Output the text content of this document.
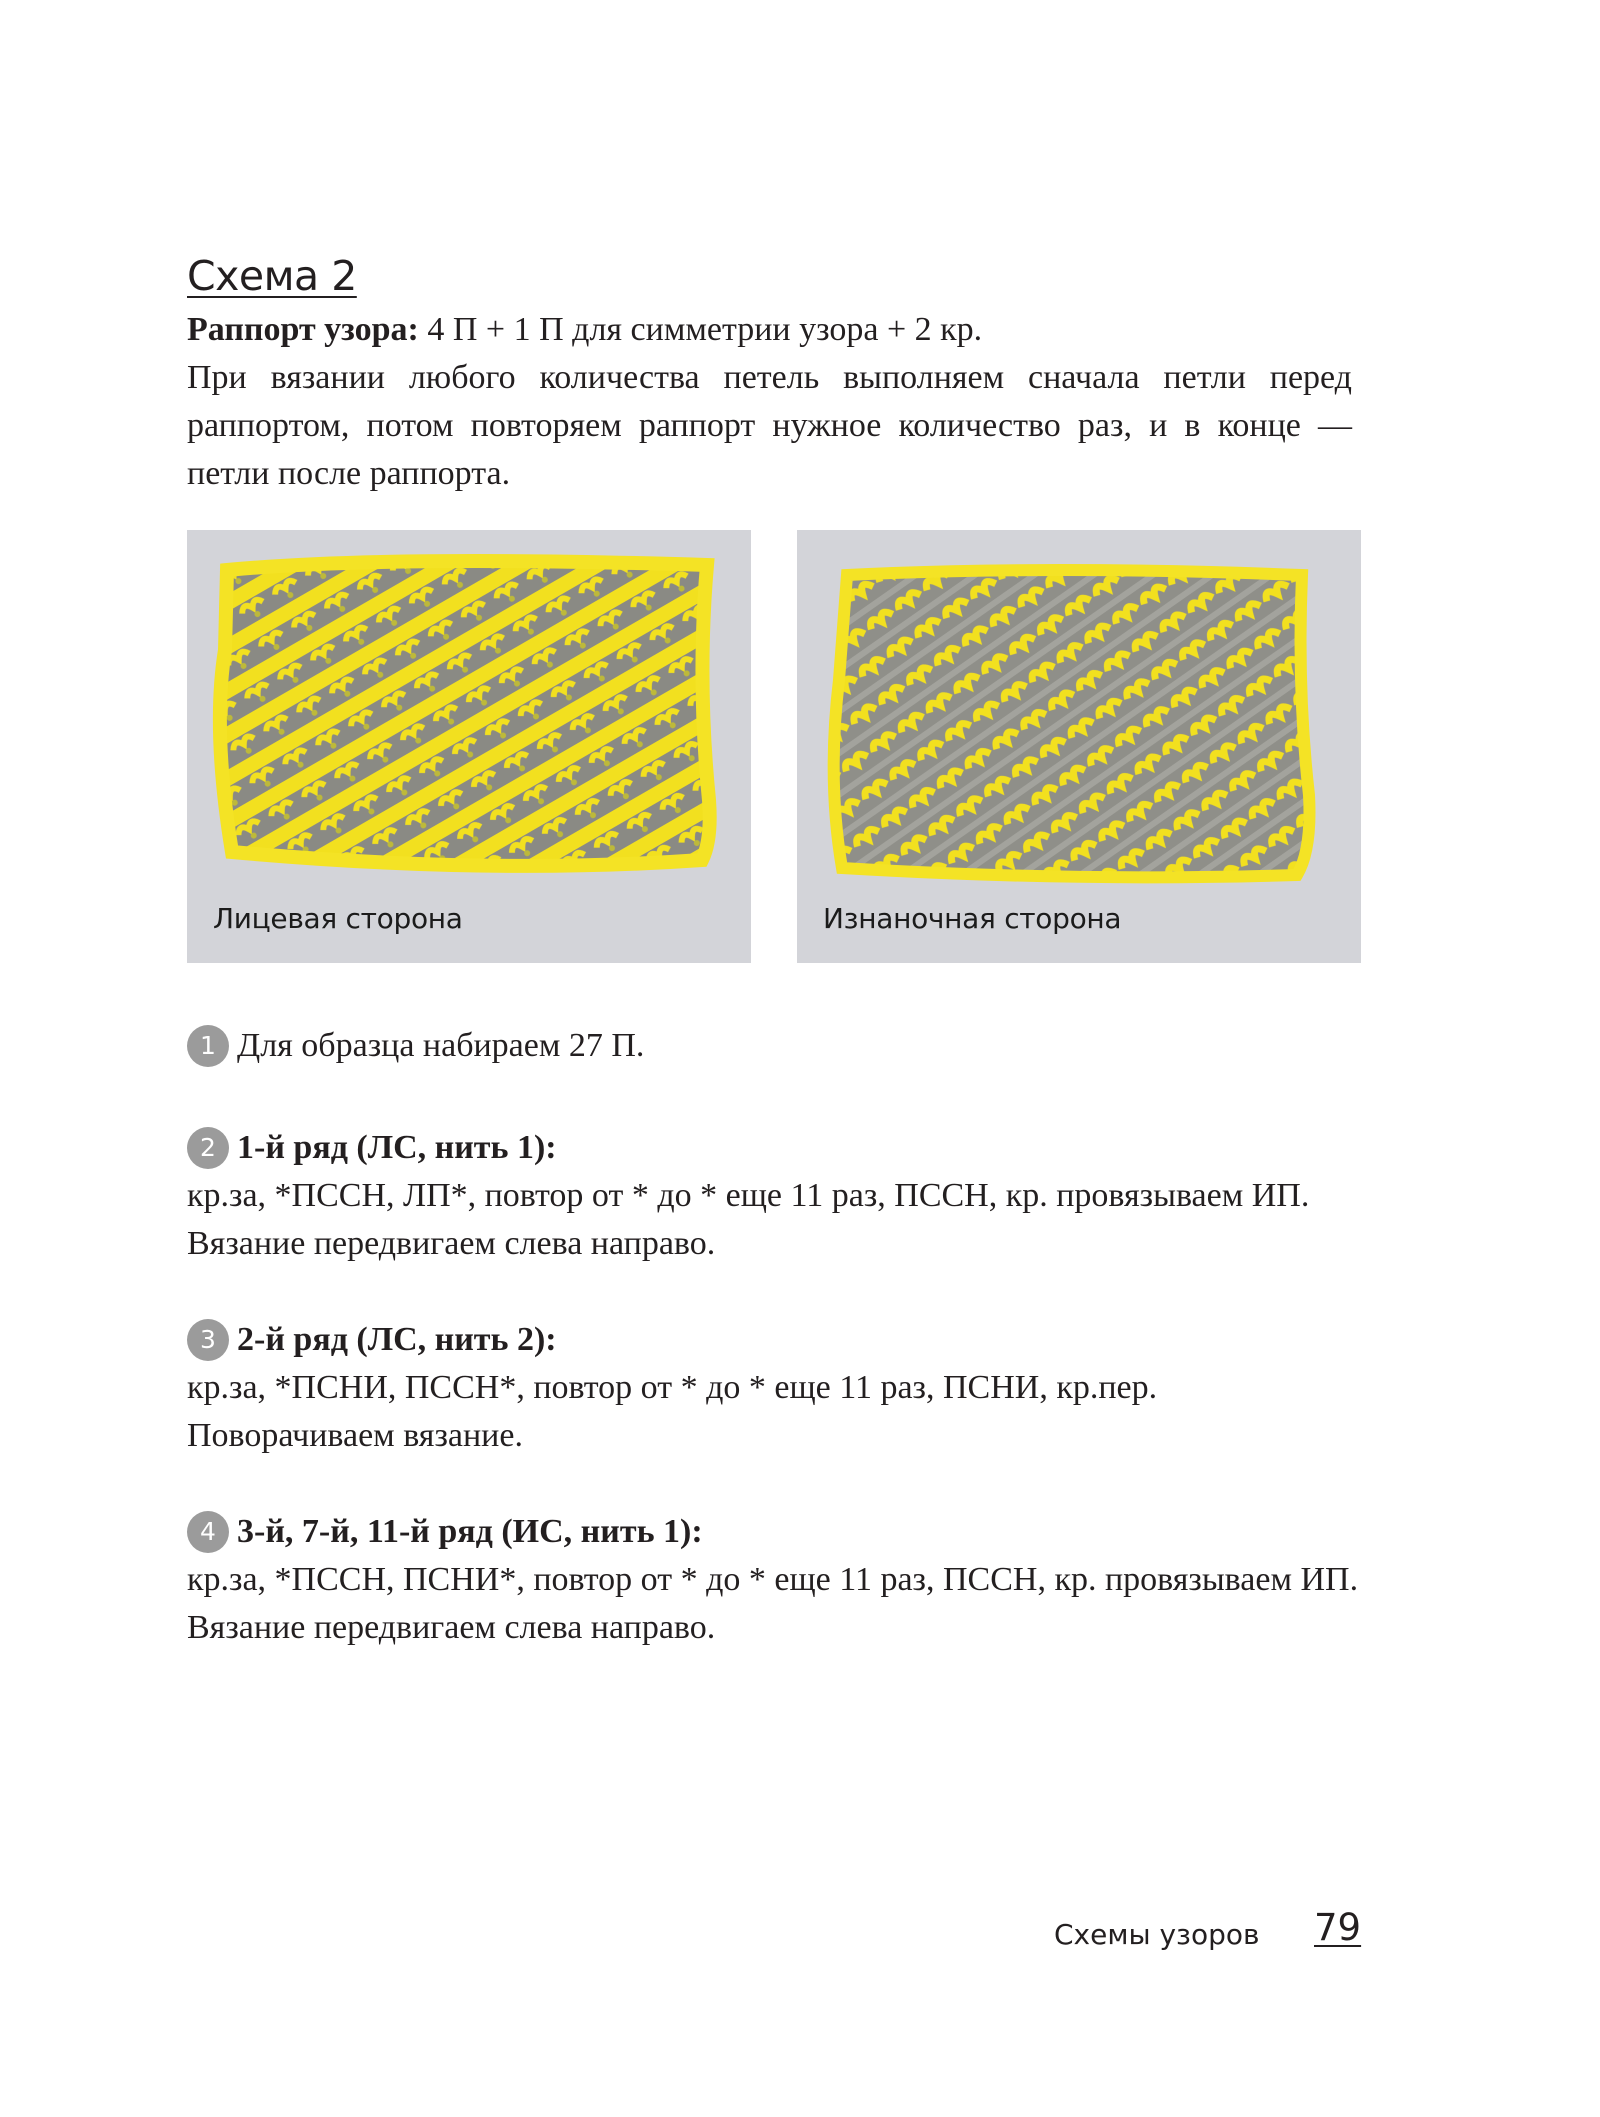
Схема 2
Раппорт узора: 4 П + 1 П для симметрии узора + 2 кр.
При вязании любого количества петель выполняем сначала петли перед раппортом, потом повторяем раппорт нужное количество раз, и в конце — петли после раппорта.
Лицевая сторона	Изнаночная сторона
1 Для образца набираем 27 П.
2 1-й ряд (ЛС, нить 1):
кр.за, *ПССН, ЛП*, повтор от * до * еще 11 раз, ПССН, кр. провязываем ИП. Вязание передвигаем слева направо.
3 2-й ряд (ЛС, нить 2):
кр.за, *ПСНИ, ПССН*, повтор от * до * еще 11 раз, ПСНИ, кр.пер. Поворачиваем вязание.
4 3-й, 7-й, 11-й ряд (ИС, нить 1):
кр.за, *ПССН, ПСНИ*, повтор от * до * еще 11 раз, ПССН, кр. провязываем ИП. Вязание передвигаем слева направо.
Схемы узоров 79
